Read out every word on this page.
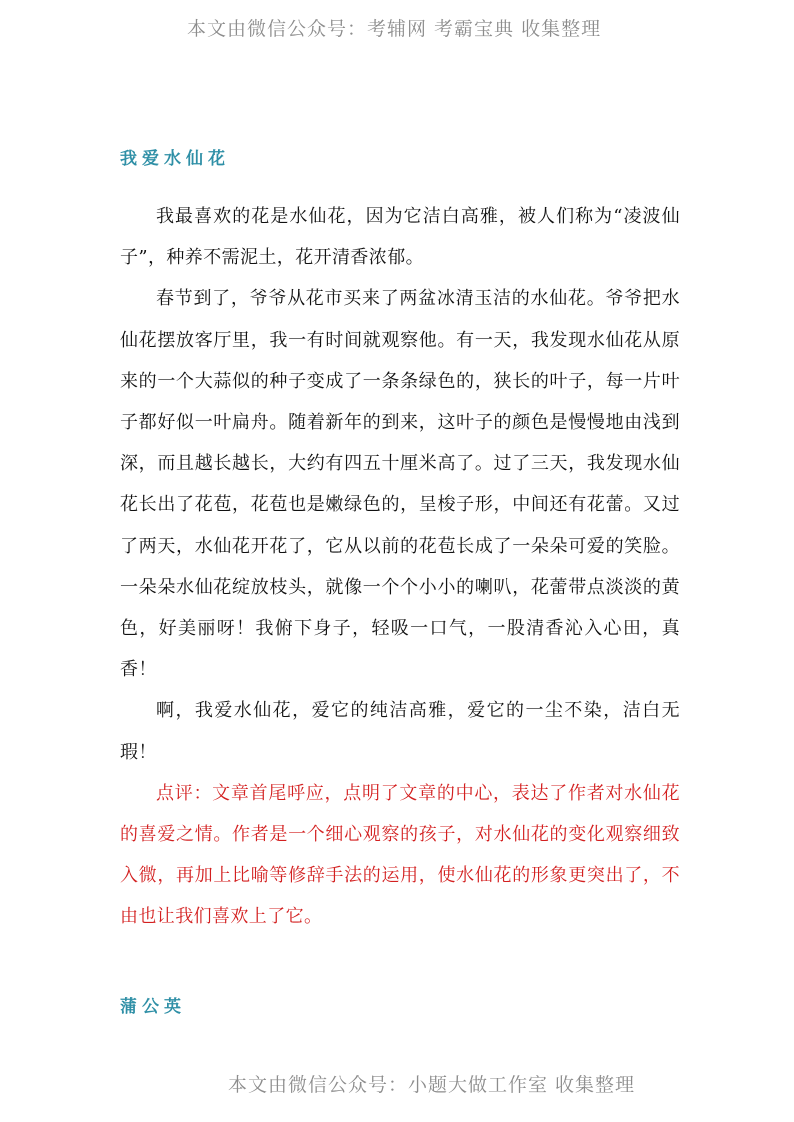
本文由微信公众号：考辅网 考霸宝典 收集整理
我爱水仙花

我最喜欢的花是水仙花，因为它洁白高雅，被人们称为“凌波仙子”，种养不需泥土，花开清香浓郁。

春节到了，爷爷从花市买来了两盆冰清玉洁的水仙花。爷爷把水仙花摆放客厅里，我一有时间就观察他。有一天，我发现水仙花从原来的一个大蒜似的种子变成了一条条绿色的，狭长的叶子，每一片叶子都好似一叶扁舟。随着新年的到来，这叶子的颜色是慢慢地由浅到深，而且越长越长，大约有四五十厘米高了。过了三天，我发现水仙花长出了花苞，花苞也是嫩绿色的，呈梭子形，中间还有花蕾。又过了两天，水仙花开花了，它从以前的花苞长成了一朵朵可爱的笑脸。一朵朵水仙花绽放枝头，就像一个个小小的喇叭，花蕾带点淡淡的黄色，好美丽呀！我俯下身子，轻吸一口气，一股清香沁入心田，真香！

啊，我爱水仙花，爱它的纯洁高雅，爱它的一尘不染，洁白无瑕！

点评：文章首尾呼应，点明了文章的中心，表达了作者对水仙花的喜爱之情。作者是一个细心观察的孩子，对水仙花的变化观察细致入微，再加上比喻等修辞手法的运用，使水仙花的形象更突出了，不由也让我们喜欢上了它。

蒲公英
本文由微信公众号：小题大做工作室 收集整理
